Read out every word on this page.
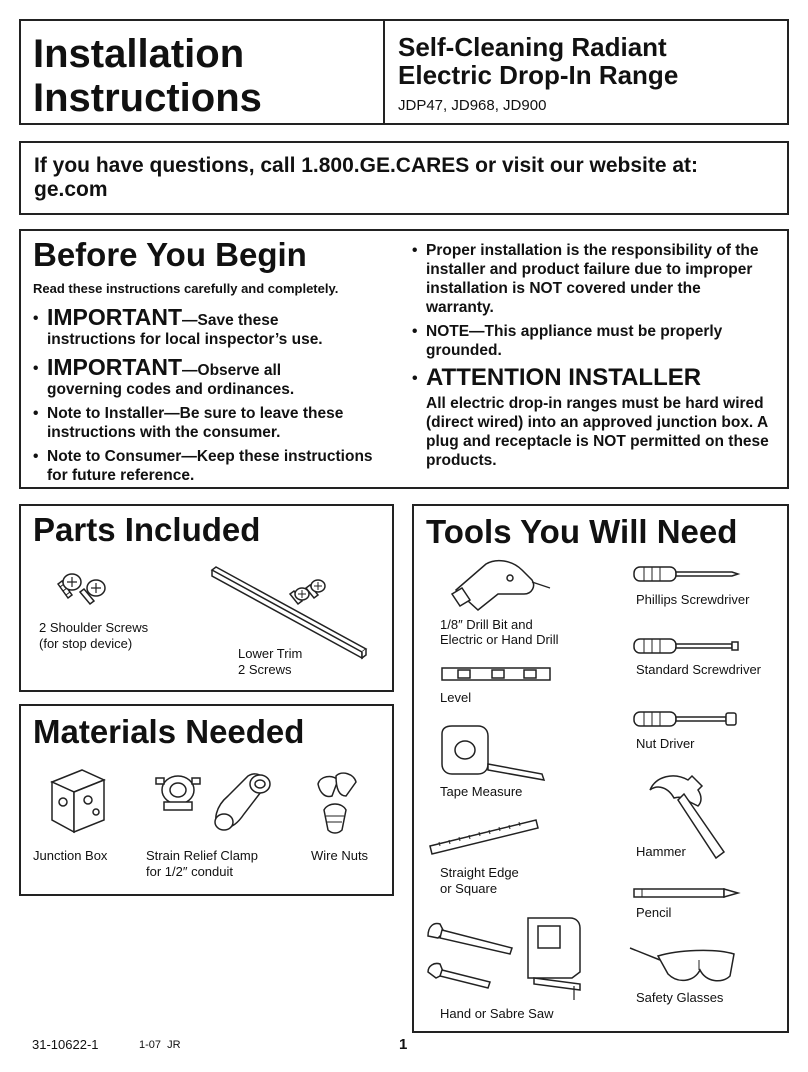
Installation
Instructions
Self-Cleaning Radiant
Electric Drop-In Range
JDP47, JD968, JD900
If you have questions, call 1.800.GE.CARES or visit our website at:
ge.com
Before You Begin
Read these instructions carefully and completely.
• IMPORTANT—Save these
instructions for local inspector’s use.
• IMPORTANT—Observe all
governing codes and ordinances.
• Note to Installer—Be sure to leave these instructions with the consumer.
• Note to Consumer—Keep these instructions for future reference.
• Proper installation is the responsibility of the installer and product failure due to improper installation is NOT covered under the warranty.
• NOTE—This appliance must be properly grounded.
• ATTENTION INSTALLER
All electric drop-in ranges must be hard wired (direct wired) into an approved junction box. A plug and receptacle is NOT permitted on these products.
Parts Included
2 Shoulder Screws
(for stop device)
Lower Trim
2 Screws
Materials Needed
Junction Box	Strain Relief Clamp
for 1/2″ conduit
Wire Nuts
Tools You Will Need
1/8″ Drill Bit and
Electric or Hand Drill
Level
Tape Measure
Straight Edge
or Square
Hand or Sabre Saw
Phillips Screwdriver
Standard Screwdriver
Nut Driver
Hammer
Pencil
Safety Glasses
31-10622-1	1-07  JR	1
